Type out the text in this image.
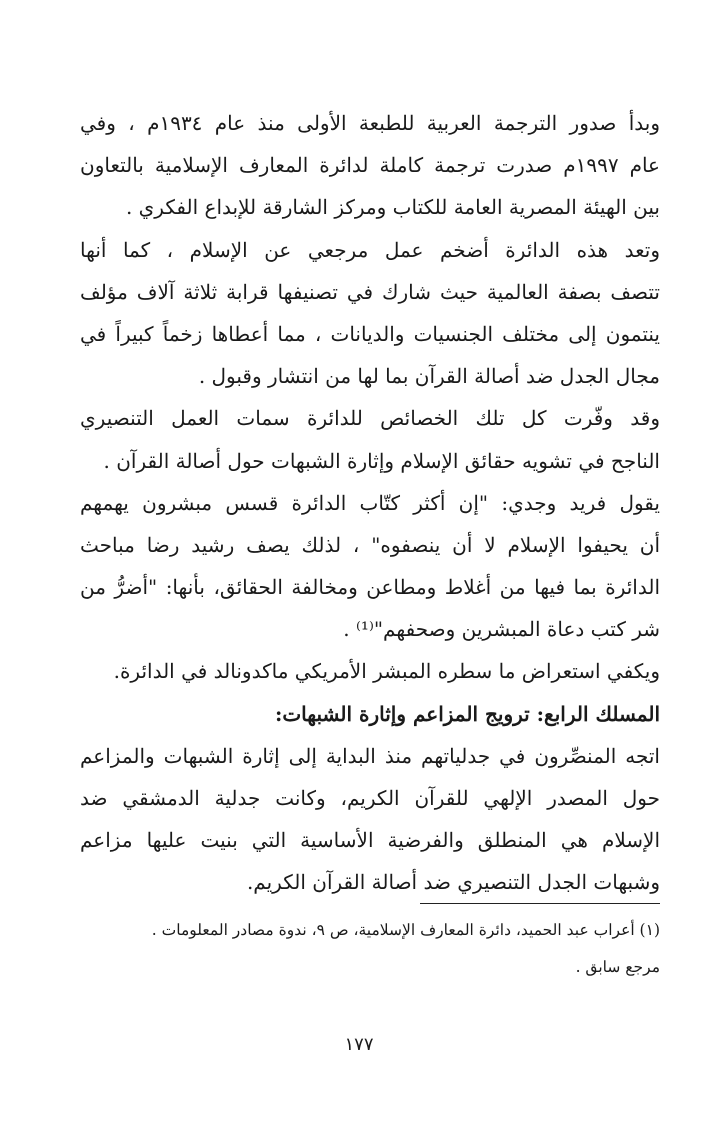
وبدأ صدور الترجمة العربية للطبعة الأولى منذ عام ١٩٣٤م ، وفي
عام ١٩٩٧م صدرت ترجمة كاملة لدائرة المعارف الإسلامية بالتعاون
بين الهيئة المصرية العامة للكتاب ومركز الشارقة للإبداع الفكري .
وتعد هذه الدائرة أضخم عمل مرجعي عن الإسلام ، كما أنها
تتصف بصفة العالمية حيث شارك في تصنيفها قرابة ثلاثة آلاف مؤلف
ينتمون إلى مختلف الجنسيات والديانات ، مما أعطاها زخماً كبيراً في
مجال الجدل ضد أصالة القرآن بما لها من انتشار وقبول .
وقد وفّرت كل تلك الخصائص للدائرة سمات العمل التنصيري
الناجح في تشويه حقائق الإسلام وإثارة الشبهات حول أصالة القرآن .
يقول فريد وجدي: "إن أكثر كتّاب الدائرة قسس مبشرون يهمهم
أن يحيفوا الإسلام لا أن ينصفوه" ، لذلك يصف رشيد رضا مباحث
الدائرة بما فيها من أغلاط ومطاعن ومخالفة الحقائق، بأنها: "أضرُّ من
شر كتب دعاة المبشرين وصحفهم"⁽¹⁾ .
ويكفي استعراض ما سطره المبشر الأمريكي ماكدونالد في الدائرة.
المسلك الرابع: ترويج المزاعم وإثارة الشبهات:
اتجه المنصِّرون في جدلياتهم منذ البداية إلى إثارة الشبهات والمزاعم
حول المصدر الإلهي للقرآن الكريم، وكانت جدلية الدمشقي ضد
الإسلام هي المنطلق والفرضية الأساسية التي بنيت عليها مزاعم
وشبهات الجدل التنصيري ضد أصالة القرآن الكريم.
(١) أعراب عبد الحميد، دائرة المعارف الإسلامية، ص ٩، ندوة مصادر المعلومات .
مرجع سابق .
١٧٧
